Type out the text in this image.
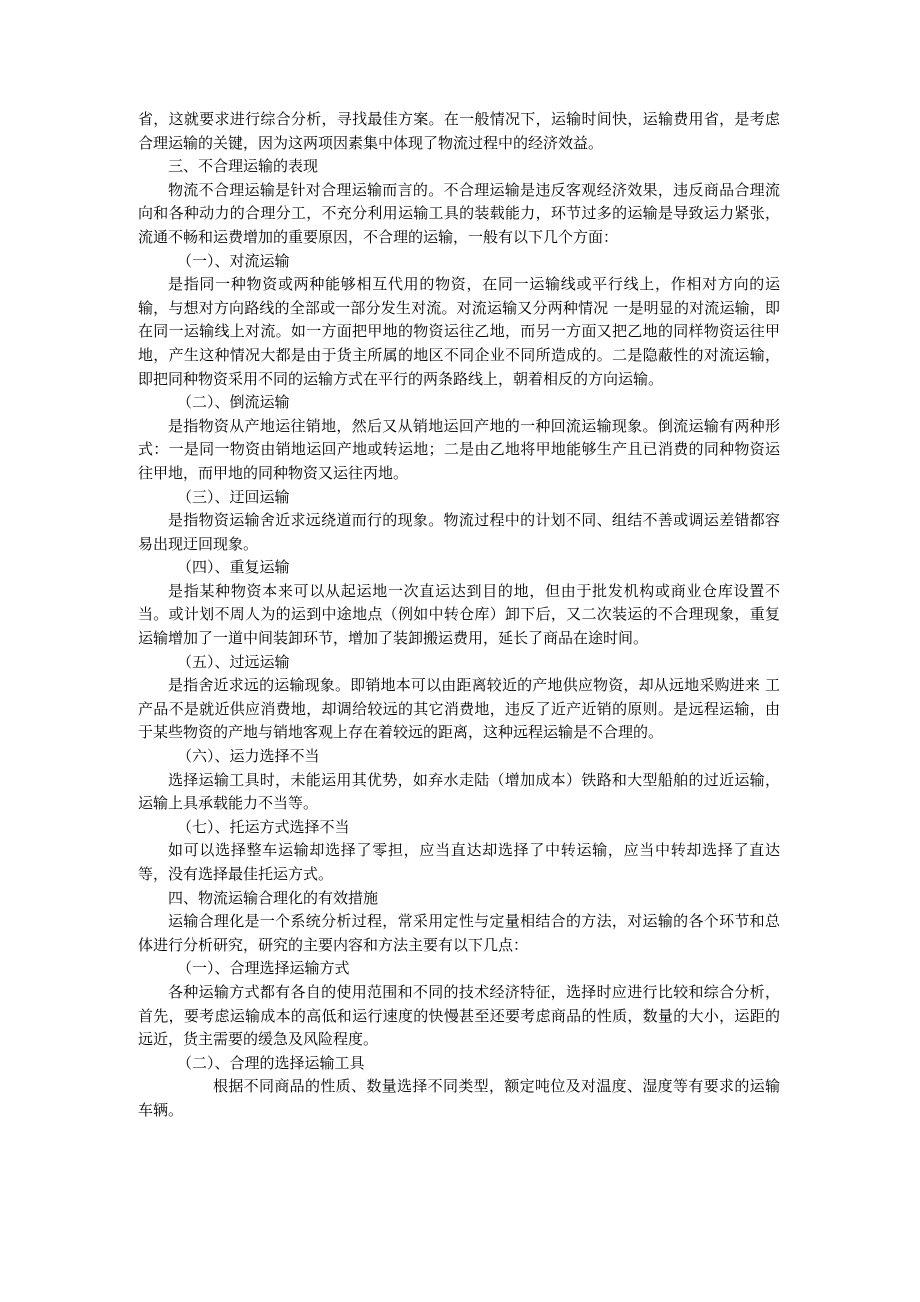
省，这就要求进行综合分析，寻找最佳方案。在一般情况下，运输时间快，运输费用省，是考虑合理运输的关键，因为这两项因素集中体现了物流过程中的经济效益。

三、不合理运输的表现

物流不合理运输是针对合理运输而言的。不合理运输是违反客观经济效果，违反商品合理流向和各种动力的合理分工，不充分利用运输工具的装载能力，环节过多的运输是导致运力紧张，流通不畅和运费增加的重要原因，不合理的运输，一般有以下几个方面：

（一）、对流运输

是指同一种物资或两种能够相互代用的物资，在同一运输线或平行线上，作相对方向的运输，与想对方向路线的全部或一部分发生对流。对流运输又分两种情况 一是明显的对流运输，即在同一运输线上对流。如一方面把甲地的物资运往乙地，而另一方面又把乙地的同样物资运往甲地，产生这种情况大都是由于货主所属的地区不同企业不同所造成的。二是隐蔽性的对流运输，即把同种物资采用不同的运输方式在平行的两条路线上，朝着相反的方向运输。

（二）、倒流运输

是指物资从产地运往销地，然后又从销地运回产地的一种回流运输现象。倒流运输有两种形式：一是同一物资由销地运回产地或转运地；二是由乙地将甲地能够生产且已消费的同种物资运往甲地，而甲地的同种物资又运往丙地。

（三）、迂回运输

是指物资运输舍近求远绕道而行的现象。物流过程中的计划不同、组结不善或调运差错都容易出现迂回现象。

（四）、重复运输

是指某种物资本来可以从起运地一次直运达到目的地，但由于批发机构或商业仓库设置不当。或计划不周人为的运到中途地点（例如中转仓库）卸下后，又二次装运的不合理现象，重复运输增加了一道中间装卸环节，增加了装卸搬运费用，延长了商品在途时间。

（五）、过远运输

是指舍近求远的运输现象。即销地本可以由距离较近的产地供应物资，却从远地采购进来 工产品不是就近供应消费地，却调给较远的其它消费地，违反了近产近销的原则。是远程运输，由于某些物资的产地与销地客观上存在着较远的距离，这种远程运输是不合理的。

（六）、运力选择不当

选择运输工具时，未能运用其优势，如弃水走陆（增加成本）铁路和大型船舶的过近运输，运输上具承载能力不当等。

（七）、托运方式选择不当

如可以选择整车运输却选择了零担，应当直达却选择了中转运输，应当中转却选择了直达等，没有选择最佳托运方式。

四、物流运输合理化的有效措施

运输合理化是一个系统分析过程，常采用定性与定量相结合的方法，对运输的各个环节和总体进行分析研究，研究的主要内容和方法主要有以下几点：

（一）、合理选择运输方式

各种运输方式都有各自的使用范围和不同的技术经济特征，选择时应进行比较和综合分析，首先，要考虑运输成本的高低和运行速度的快慢甚至还要考虑商品的性质，数量的大小，运距的远近，货主需要的缓急及风险程度。

（二）、合理的选择运输工具

根据不同商品的性质、数量选择不同类型，额定吨位及对温度、湿度等有要求的运输车辆。
